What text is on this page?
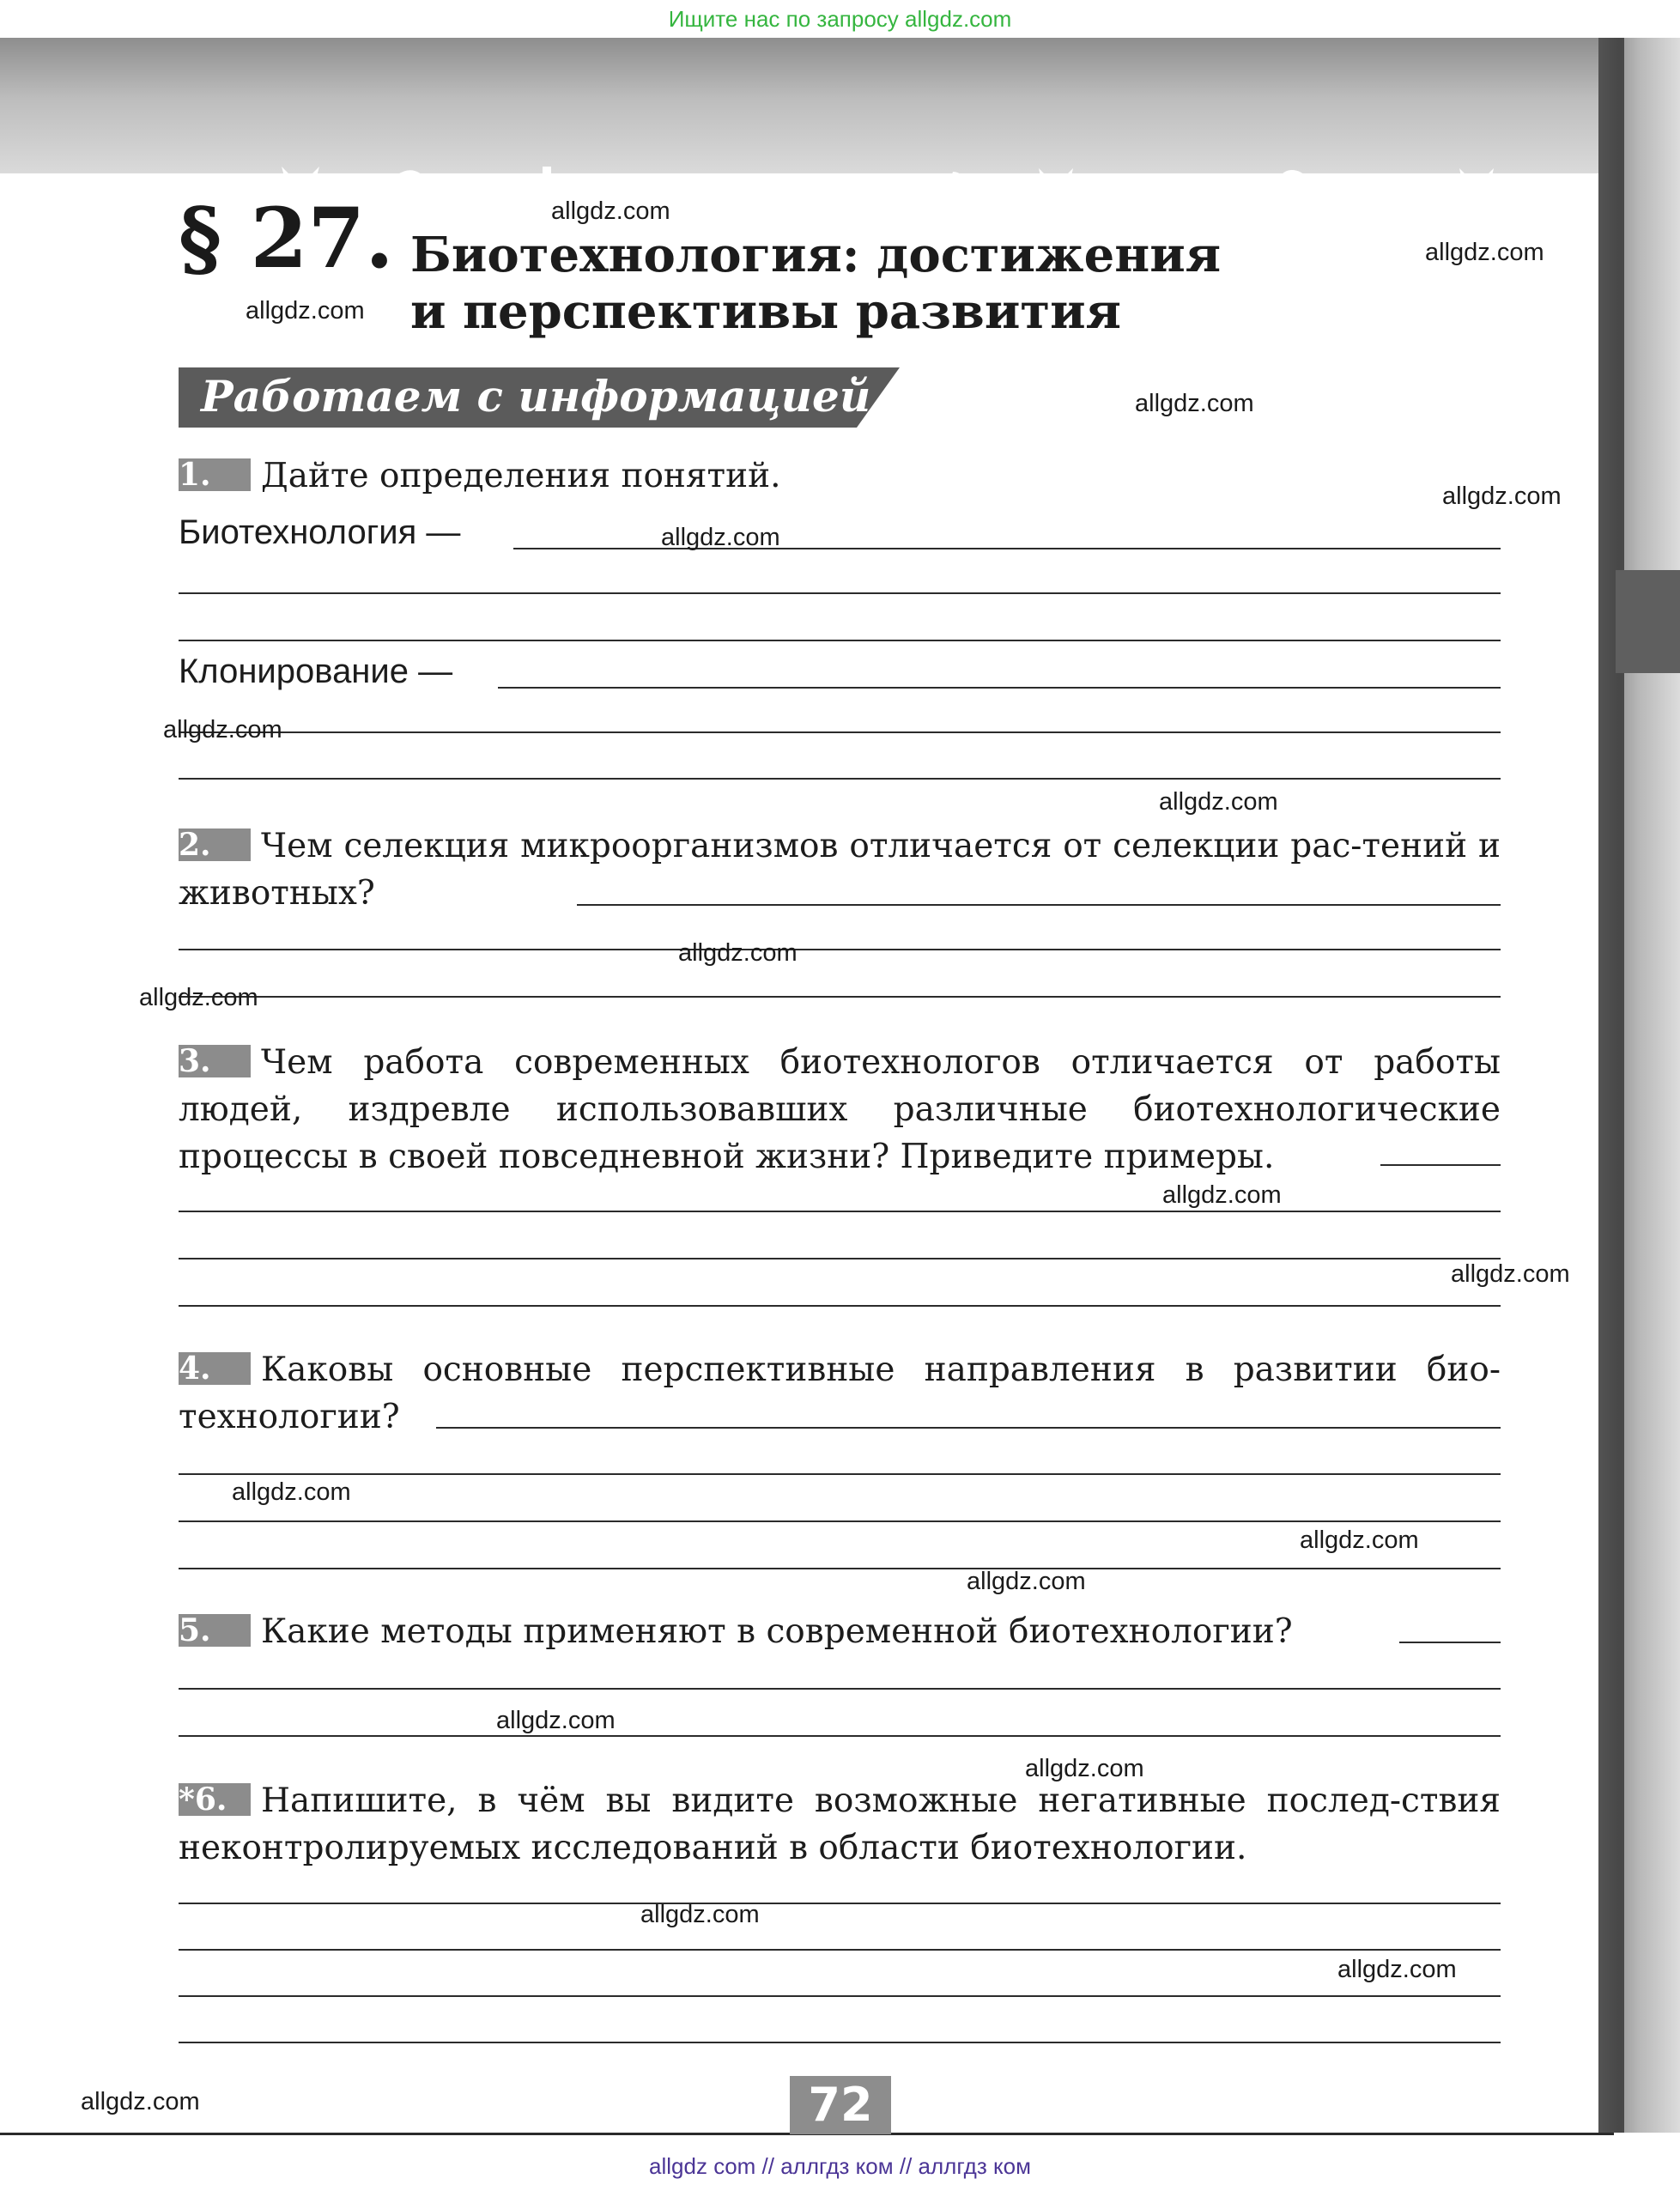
Ищите нас по запросу allgdz.com
§ 27. Биотехнология: достижения
и перспективы развития
Работаем с информацией
1. Дайте определения понятий.
Биотехнология —
Клонирование —
2. Чем селекция микроорганизмов отличается от селекции рас-тений и животных?
3. Чем работа современных биотехнологов отличается от работы людей, издревле использовавших различные биотехнологические процессы в своей повседневной жизни? Приведите примеры.
4. Каковы основные перспективные направления в развитии био-технологии?
5. Какие методы применяют в современной биотехнологии?
*6. Напишите, в чём вы видите возможные негативные послед-ствия неконтролируемых исследований в области биотехнологии.
72
allgdz.com
allgdz.com
allgdz.com
allgdz.com
allgdz.com
allgdz.com
allgdz.com
allgdz.com
allgdz.com
allgdz.com
allgdz.com
allgdz.com
allgdz.com
allgdz.com
allgdz.com
allgdz.com
allgdz.com
allgdz.com
allgdz.com
allgdz.com
allgdz com // аллгдз ком // аллгдз ком
